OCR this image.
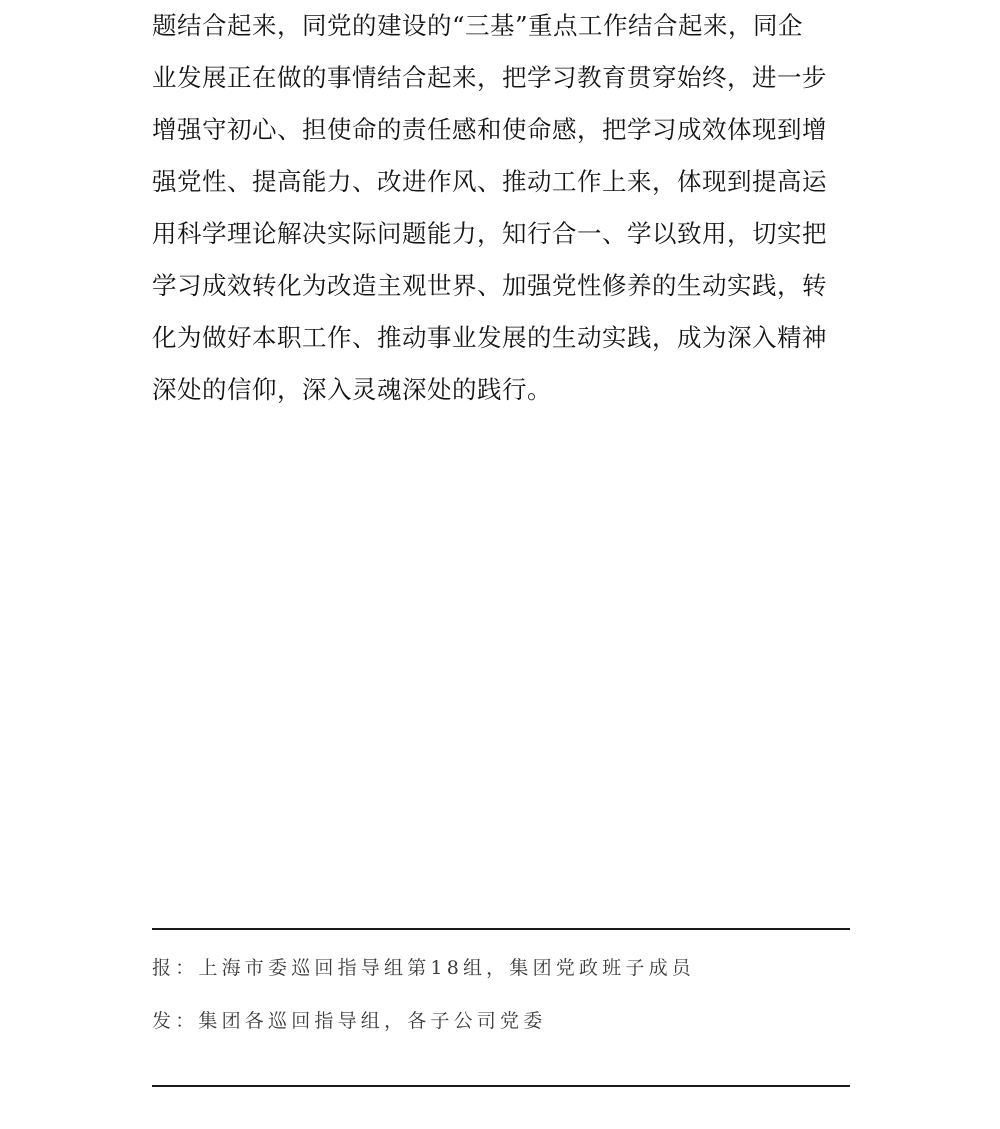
题结合起来，同党的建设的“三基”重点工作结合起来，同企
业发展正在做的事情结合起来，把学习教育贯穿始终，进一步
增强守初心、担使命的责任感和使命感，把学习成效体现到增
强党性、提高能力、改进作风、推动工作上来，体现到提高运
用科学理论解决实际问题能力，知行合一、学以致用，切实把
学习成效转化为改造主观世界、加强党性修养的生动实践，转
化为做好本职工作、推动事业发展的生动实践，成为深入精神
深处的信仰，深入灵魂深处的践行。
报：上海市委巡回指导组第18组，集团党政班子成员
发：集团各巡回指导组，各子公司党委
